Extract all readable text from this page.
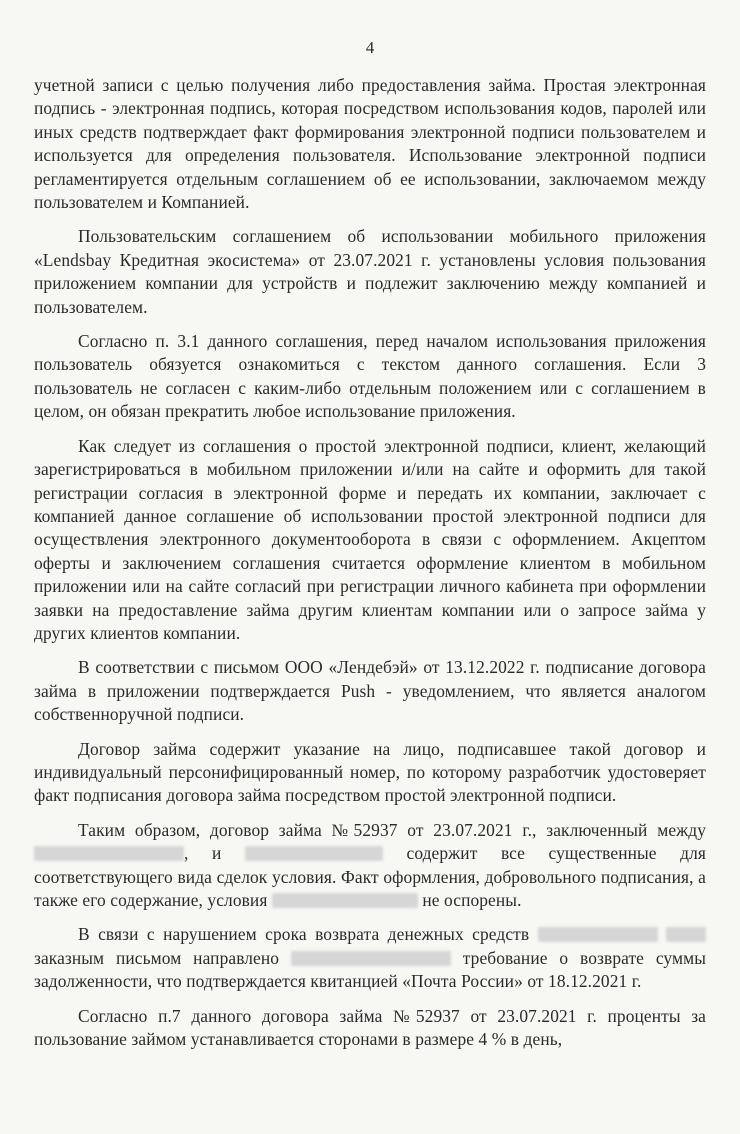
4

учетной записи с целью получения либо предоставления займа. Простая электронная подпись - электронная подпись, которая посредством использования кодов, паролей или иных средств подтверждает факт формирования электронной подписи пользователем и используется для определения пользователя. Использование электронной подписи регламентируется отдельным соглашением об ее использовании, заключаемом между пользователем и Компанией.

Пользовательским соглашением об использовании мобильного приложения «Lendsbay Кредитная экосистема» от 23.07.2021 г. установлены условия пользования приложением компании для устройств и подлежит заключению между компанией и пользователем.

Согласно п. 3.1 данного соглашения, перед началом использования приложения пользователь обязуется ознакомиться с текстом данного соглашения. Если 3 пользователь не согласен с каким-либо отдельным положением или с соглашением в целом, он обязан прекратить любое использование приложения.

Как следует из соглашения о простой электронной подписи, клиент, желающий зарегистрироваться в мобильном приложении и/или на сайте и оформить для такой регистрации согласия в электронной форме и передать их компании, заключает с компанией данное соглашение об использовании простой электронной подписи для осуществления электронного документооборота в связи с оформлением. Акцептом оферты и заключением соглашения считается оформление клиентом в мобильном приложении или на сайте согласий при регистрации личного кабинета при оформлении заявки на предоставление займа другим клиентам компании или о запросе займа у других клиентов компании.

В соответствии с письмом ООО «Лендебэй» от 13.12.2022 г. подписание договора займа в приложении подтверждается Push - уведомлением, что является аналогом собственноручной подписи.

Договор займа содержит указание на лицо, подписавшее такой договор и индивидуальный персонифицированный номер, по которому разработчик удостоверяет факт подписания договора займа посредством простой электронной подписи.

Таким образом, договор займа №52937 от 23.07.2021 г., заключенный между , и	содержит все существенные для соответствующего вида сделок условия. Факт оформления, добровольного подписания, а также его содержание, условия	не оспорены.

В связи с нарушением срока возврата денежных средств   заказным письмом направлено	требование о возврате суммы задолженности, что подтверждается квитанцией «Почта России» от 18.12.2021 г.

Согласно п.7 данного договора займа №52937 от 23.07.2021 г. проценты за пользование займом устанавливается сторонами в размере 4 % в день,
